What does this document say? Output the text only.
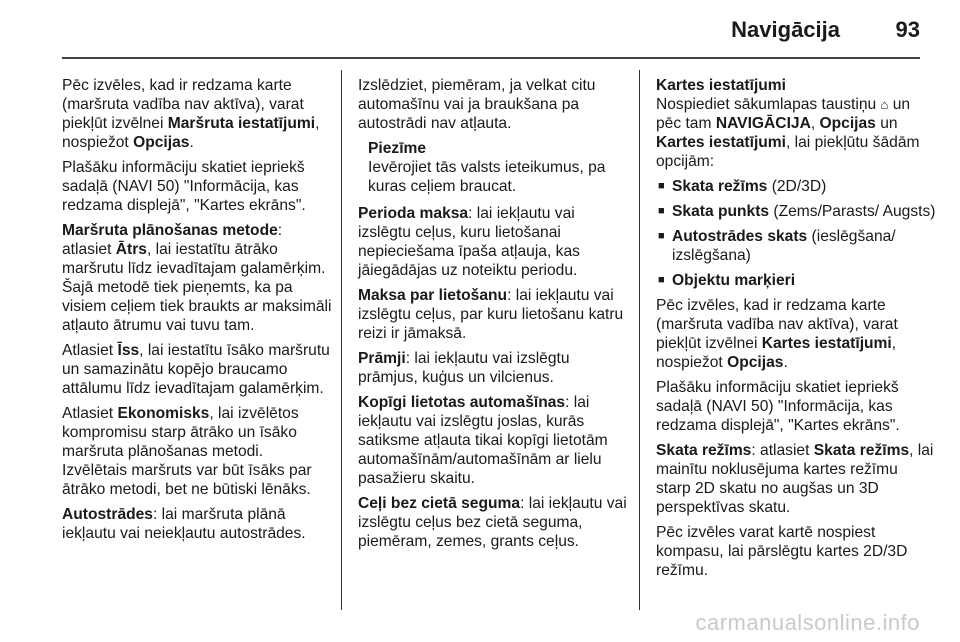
Navigācija	93

Pēc izvēles, kad ir redzama karte (maršruta vadība nav aktīva), varat piekļūt izvēlnei Maršruta iestatījumi, nospiežot Opcijas.

Plašāku informāciju skatiet iepriekš sadaļā (NAVI 50) "Informācija, kas redzama displejā", "Kartes ekrāns".

Maršruta plānošanas metode:
atlasiet Ātrs, lai iestatītu ātrāko maršrutu līdz ievadītajam galamērķim. Šajā metodē tiek pieņemts, ka pa visiem ceļiem tiek braukts ar maksimāli atļauto ātrumu vai tuvu tam.

Atlasiet Īss, lai iestatītu īsāko maršrutu un samazinātu kopējo braucamo attālumu līdz ievadītajam galamērķim.

Atlasiet Ekonomisks, lai izvēlētos kompromisu starp ātrāko un īsāko maršruta plānošanas metodi.
Izvēlētais maršruts var būt īsāks par ātrāko metodi, bet ne būtiski lēnāks.

Autostrādes: lai maršruta plānā iekļautu vai neiekļautu autostrādes.

Izslēdziet, piemēram, ja velkat citu automašīnu vai ja braukšana pa autostrādi nav atļauta.

Piezīme
Ievērojiet tās valsts ieteikumus, pa kuras ceļiem braucat.

Perioda maksa: lai iekļautu vai izslēgtu ceļus, kuru lietošanai nepieciešama īpaša atļauja, kas jāiegādājas uz noteiktu periodu.

Maksa par lietošanu: lai iekļautu vai izslēgtu ceļus, par kuru lietošanu katru reizi ir jāmaksā.

Prāmji: lai iekļautu vai izslēgtu prāmjus, kuģus un vilcienus.

Kopīgi lietotas automašīnas: lai iekļautu vai izslēgtu joslas, kurās satiksme atļauta tikai kopīgi lietotām automašīnām/automašīnām ar lielu pasažieru skaitu.

Ceļi bez cietā seguma: lai iekļautu vai izslēgtu ceļus bez cietā seguma, piemēram, zemes, grants ceļus.

Kartes iestatījumi

Nospiediet sākumlapas taustiņu ⌂ un pēc tam NAVIGĀCIJA, Opcijas un Kartes iestatījumi, lai piekļūtu šādām opcijām:

■ Skata režīms (2D/3D)
■ Skata punkts (Zems/Parasts/ Augsts)
■ Autostrādes skats (ieslēgšana/ izslēgšana)
■ Objektu marķieri

Pēc izvēles, kad ir redzama karte (maršruta vadība nav aktīva), varat piekļūt izvēlnei Kartes iestatījumi, nospiežot Opcijas.

Plašāku informāciju skatiet iepriekš sadaļā (NAVI 50) "Informācija, kas redzama displejā", "Kartes ekrāns".

Skata režīms: atlasiet Skata režīms, lai mainītu noklusējuma kartes režīmu starp 2D skatu no augšas un 3D perspektīvas skatu.

Pēc izvēles varat kartē nospiest kompasu, lai pārslēgtu kartes 2D/3D režīmu.

carmanualsonline.info
